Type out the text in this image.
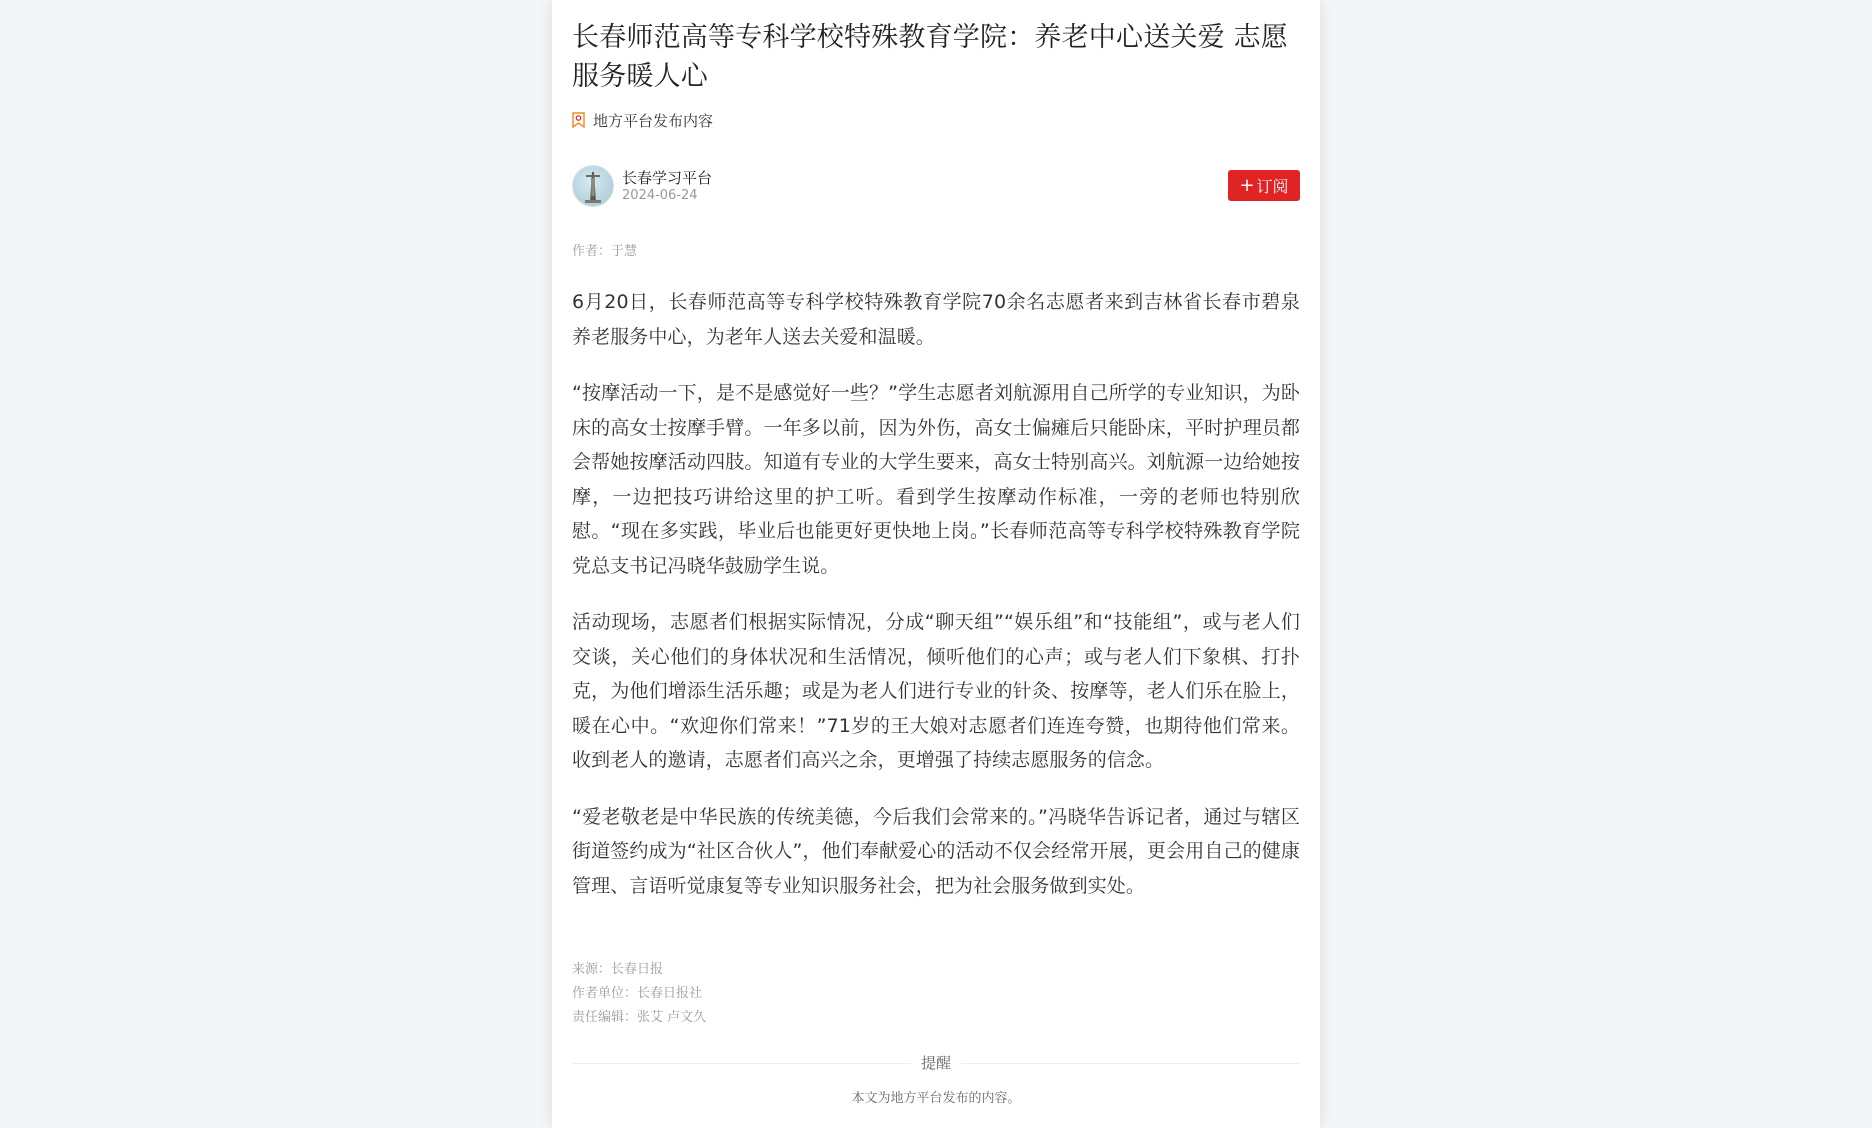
长春师范高等专科学校特殊教育学院：养老中心送关爱 志愿服务暖人心
地方平台发布内容
长春学习平台
2024-06-24	+ 订阅
作者：于慧

6月20日，长春师范高等专科学校特殊教育学院70余名志愿者来到吉林省长春市碧泉养老服务中心，为老年人送去关爱和温暖。

“按摩活动一下，是不是感觉好一些？”学生志愿者刘航源用自己所学的专业知识，为卧床的高女士按摩手臂。一年多以前，因为外伤，高女士偏瘫后只能卧床，平时护理员都会帮她按摩活动四肢。知道有专业的大学生要来，高女士特别高兴。刘航源一边给她按摩，一边把技巧讲给这里的护工听。看到学生按摩动作标准，一旁的老师也特别欣慰。“现在多实践，毕业后也能更好更快地上岗。”长春师范高等专科学校特殊教育学院党总支书记冯晓华鼓励学生说。

活动现场，志愿者们根据实际情况，分成“聊天组”“娱乐组”和“技能组”，或与老人们交谈，关心他们的身体状况和生活情况，倾听他们的心声；或与老人们下象棋、打扑克，为他们增添生活乐趣；或是为老人们进行专业的针灸、按摩等，老人们乐在脸上，暖在心中。“欢迎你们常来！”71岁的王大娘对志愿者们连连夸赞，也期待他们常来。收到老人的邀请，志愿者们高兴之余，更增强了持续志愿服务的信念。

“爱老敬老是中华民族的传统美德，今后我们会常来的。”冯晓华告诉记者，通过与辖区街道签约成为“社区合伙人”，他们奉献爱心的活动不仅会经常开展，更会用自己的健康管理、言语听觉康复等专业知识服务社会，把为社会服务做到实处。

来源：长春日报
作者单位：长春日报社
责任编辑：张艾 卢文久
提醒
本文为地方平台发布的内容。
